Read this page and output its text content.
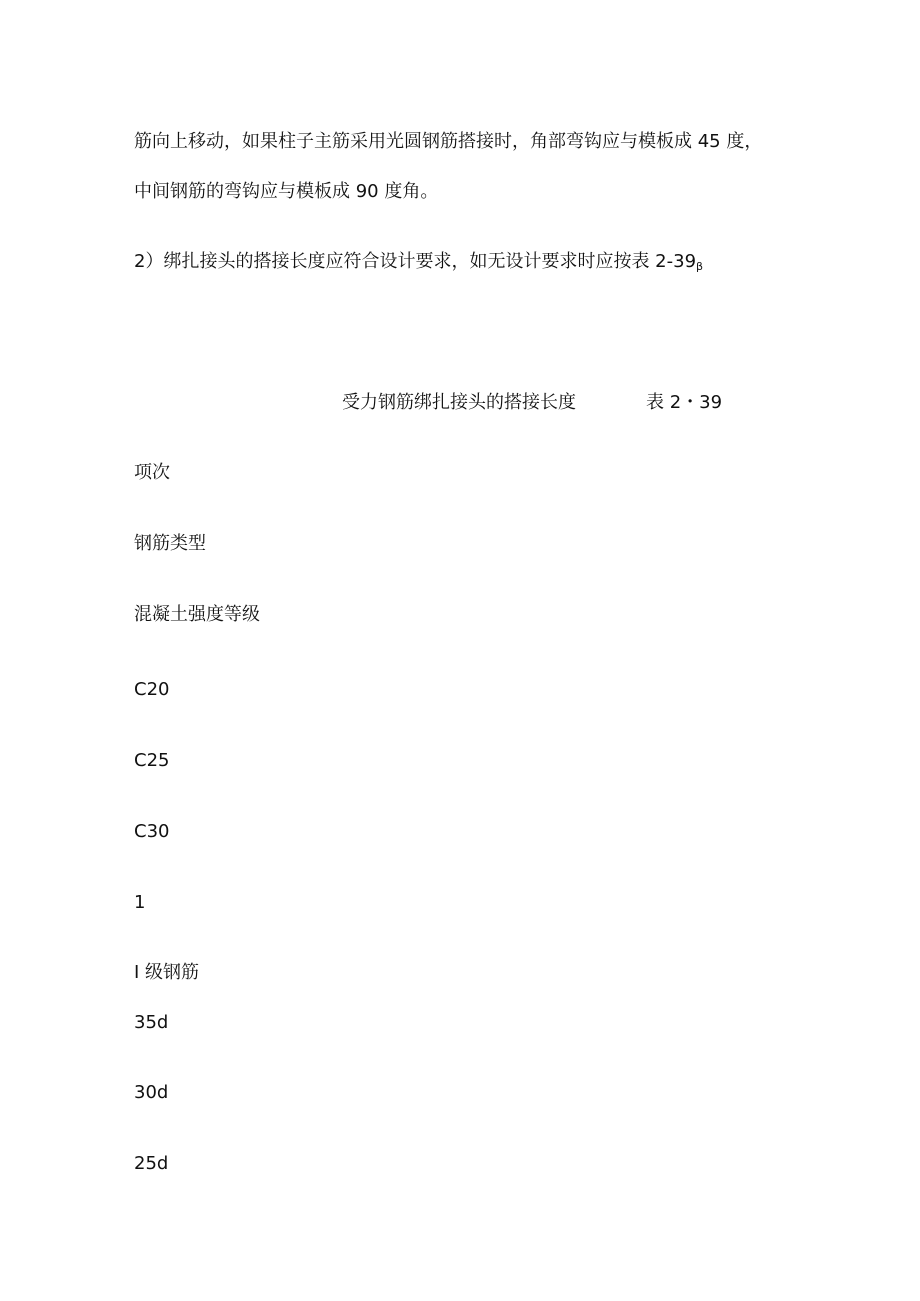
筋向上移动，如果柱子主筋采用光圆钢筋搭接时，角部弯钩应与模板成 45 度，

中间钢筋的弯钩应与模板成 90 度角。

2）绑扎接头的搭接长度应符合设计要求，如无设计要求时应按表 $2-39_\beta$

受力钢筋绑扎接头的搭接长度	表 2・39
项次
钢筋类型
混凝土强度等级
C20
C25
C30
1
I 级钢筋
35d
30d
25d
